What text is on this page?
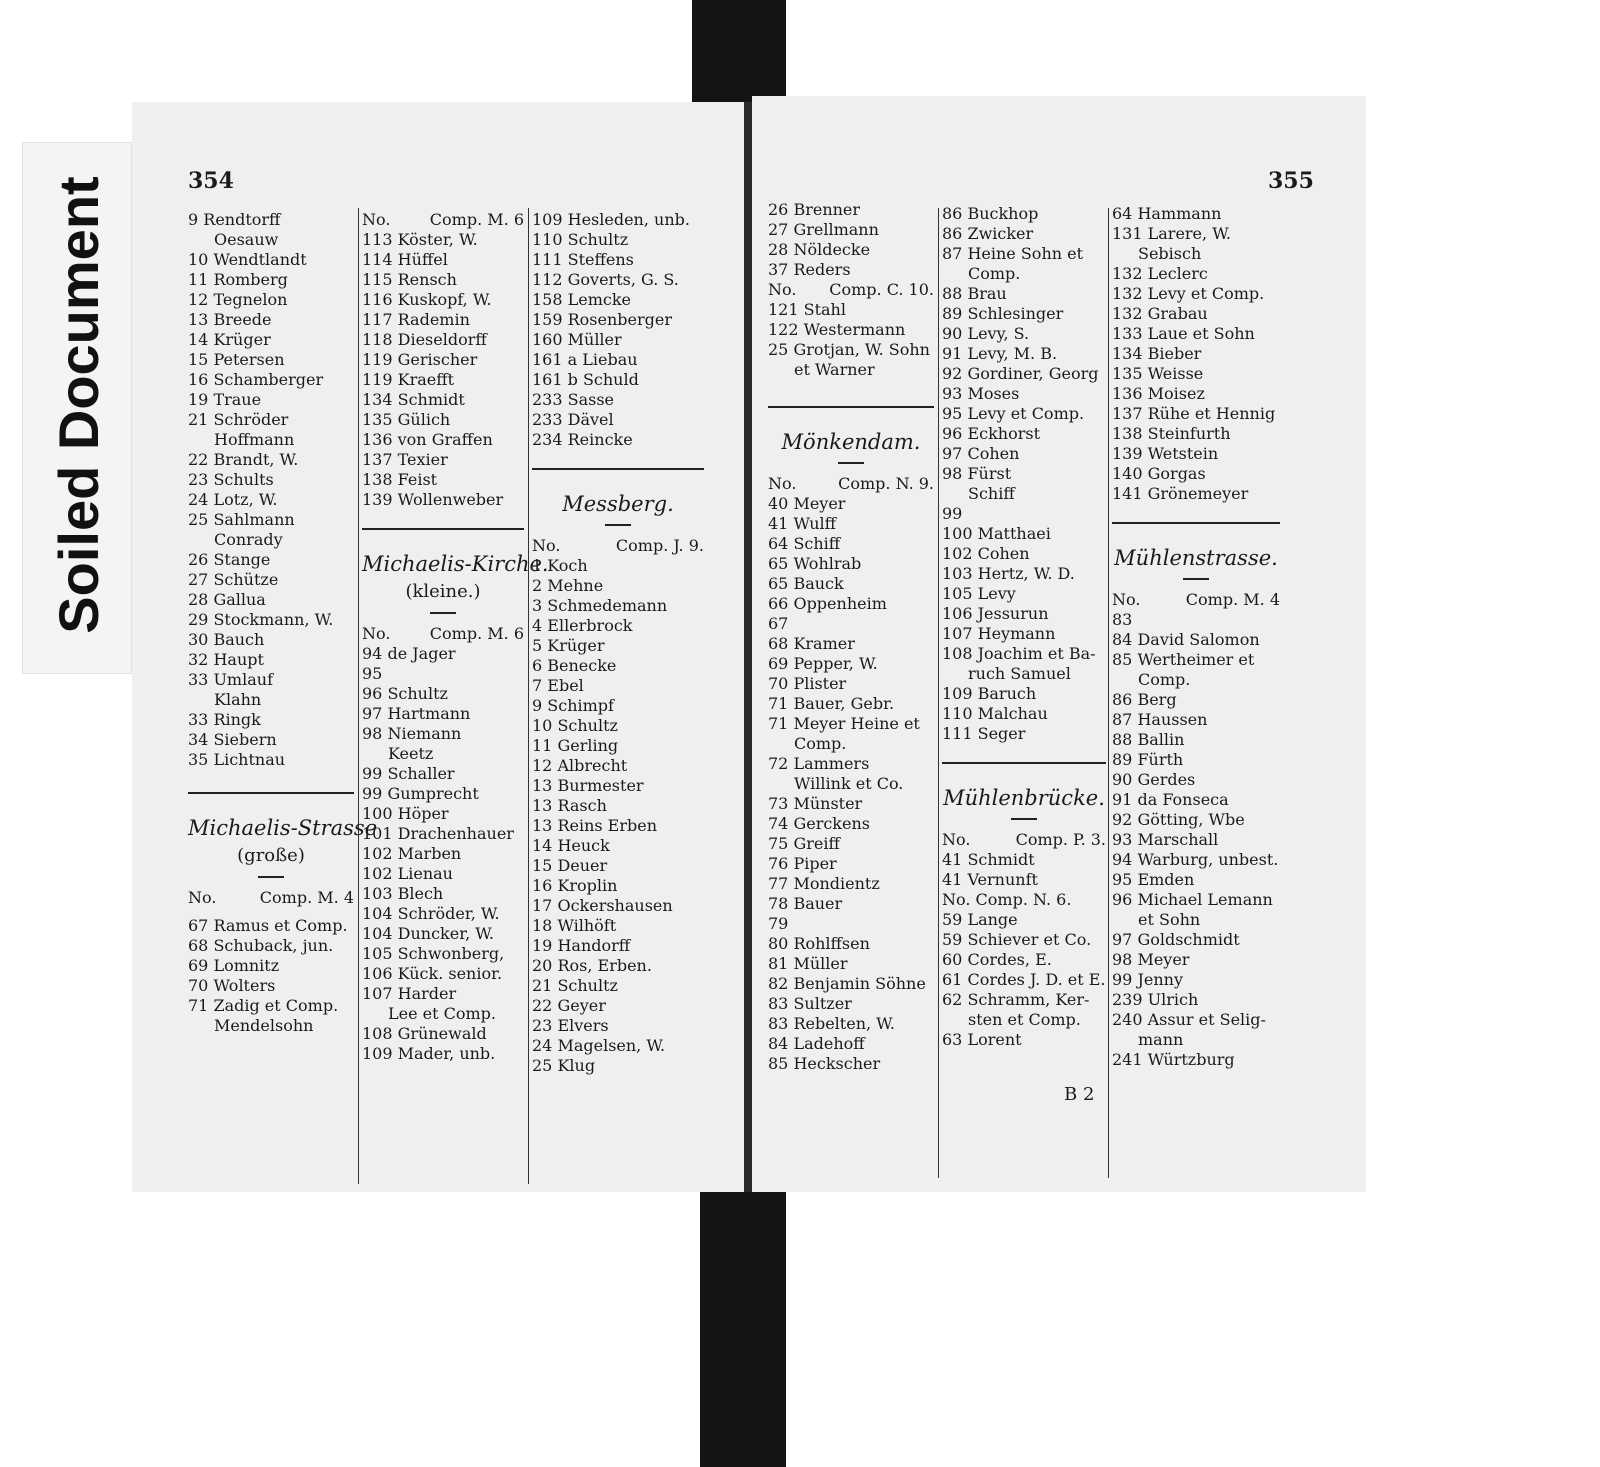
Soiled Document	354
9 Rendtorff
Oesauw
10 Wendtlandt
11 Romberg
12 Tegnelon
13 Breede
14 Krüger
15 Petersen
16 Schamberger
19 Traue
21 Schröder
Hoffmann
22 Brandt, W.
23 Schults
24 Lotz, W.
25 Sahlmann
Conrady
26 Stange
27 Schütze
28 Gallua
29 Stockmann, W.
30 Bauch
32 Haupt
33 Umlauf
Klahn
33 Ringk
34 Siebern
35 Lichtnau
Michaelis-Strasse
(große)
No.	Comp. M. 4
67 Ramus et Comp.
68 Schuback, jun.
69 Lomnitz
70 Wolters
71 Zadig et Comp.
Mendelsohn
No. Comp. M. 6
113 Köster, W.
114 Hüffel
115 Rensch
116 Kuskopf, W.
117 Rademin
118 Dieseldorff
119 Gerischer
119 Kraefft
134 Schmidt
135 Gülich
136 von Graffen
137 Texier
138 Feist
139 Wollenweber
Michaelis-Kirche.
(kleine.)
No. Comp. M. 6
94 de Jager
95
96 Schultz
97 Hartmann
98 Niemann
Keetz
99 Schaller
99 Gumprecht
100 Höper
101 Drachenhauer
102 Marben
102 Lienau
103 Blech
104 Schröder, W.
104 Duncker, W.
105 Schwonberg,
106 Kück. senior.
107 Harder
Lee et Comp.
108 Grünewald
109 Mader, unb.
109 Hesleden, unb.
110 Schultz
111 Steffens
112 Goverts, G. S.
158 Lemcke
159 Rosenberger
160 Müller
161 a Liebau
161 b Schuld
233 Sasse
233 Dävel
234 Reincke
Messberg.
No.	Comp. J. 9.
1 Koch
2 Mehne
3 Schmedemann
4 Ellerbrock
5 Krüger
6 Benecke
7 Ebel
9 Schimpf
10 Schultz
11 Gerling
12 Albrecht
13 Burmester
13 Rasch
13 Reins Erben
14 Heuck
15 Deuer
16 Kroplin
17 Ockershausen
18 Wilhöft
19 Handorff
20 Ros, Erben.
21 Schultz
22 Geyer
23 Elvers
24 Magelsen, W.
25 Klug
355
26 Brenner
27 Grellmann
28 Nöldecke
37 Reders
No. Comp. C. 10.
121 Stahl
122 Westermann
25 Grotjan, W. Sohn
et Warner
Mönkendam.
No.	Comp. N. 9.
40 Meyer
41 Wulff
64 Schiff
65 Wohlrab
65 Bauck
66 Oppenheim
67
68 Kramer
69 Pepper, W.
70 Plister
71 Bauer, Gebr.
71 Meyer Heine et
Comp.
72 Lammers
Willink et Co.
73 Münster
74 Gerckens
75 Greiff
76 Piper
77 Mondientz
78 Bauer
79
80 Rohlffsen
81 Müller
82 Benjamin Söhne
83 Sultzer
83 Rebelten, W.
84 Ladehoff
85 Heckscher
86 Buckhop
86 Zwicker
87 Heine Sohn et
Comp.
88 Brau
89 Schlesinger
90 Levy, S.
91 Levy, M. B.
92 Gordiner, Georg
93 Moses
95 Levy et Comp.
96 Eckhorst
97 Cohen
98 Fürst
Schiff
99
100 Matthaei
102 Cohen
103 Hertz, W. D.
105 Levy
106 Jessurun
107 Heymann
108 Joachim et Ba-
ruch Samuel
109 Baruch
110 Malchau
111 Seger
Mühlenbrücke.
No.	Comp. P. 3.
41 Schmidt
41 Vernunft
No. Comp. N. 6.
59 Lange
59 Schiever et Co.
60 Cordes, E.
61 Cordes J. D. et E.
62 Schramm, Ker-
sten et Comp.
63 Lorent
64 Hammann
131 Larere, W.
Sebisch
132 Leclerc
132 Levy et Comp.
132 Grabau
133 Laue et Sohn
134 Bieber
135 Weisse
136 Moisez
137 Rühe et Hennig
138 Steinfurth
139 Wetstein
140 Gorgas
141 Grönemeyer
Mühlenstrasse.
No.	Comp. M. 4
83
84 David Salomon
85 Wertheimer et
Comp.
86 Berg
87 Haussen
88 Ballin
89 Fürth
90 Gerdes
91 da Fonseca
92 Götting, Wbe
93 Marschall
94 Warburg, unbest.
95 Emden
96 Michael Lemann
et Sohn
97 Goldschmidt
98 Meyer
99 Jenny
239 Ulrich
240 Assur et Selig-
mann
241 Würtzburg
B 2
